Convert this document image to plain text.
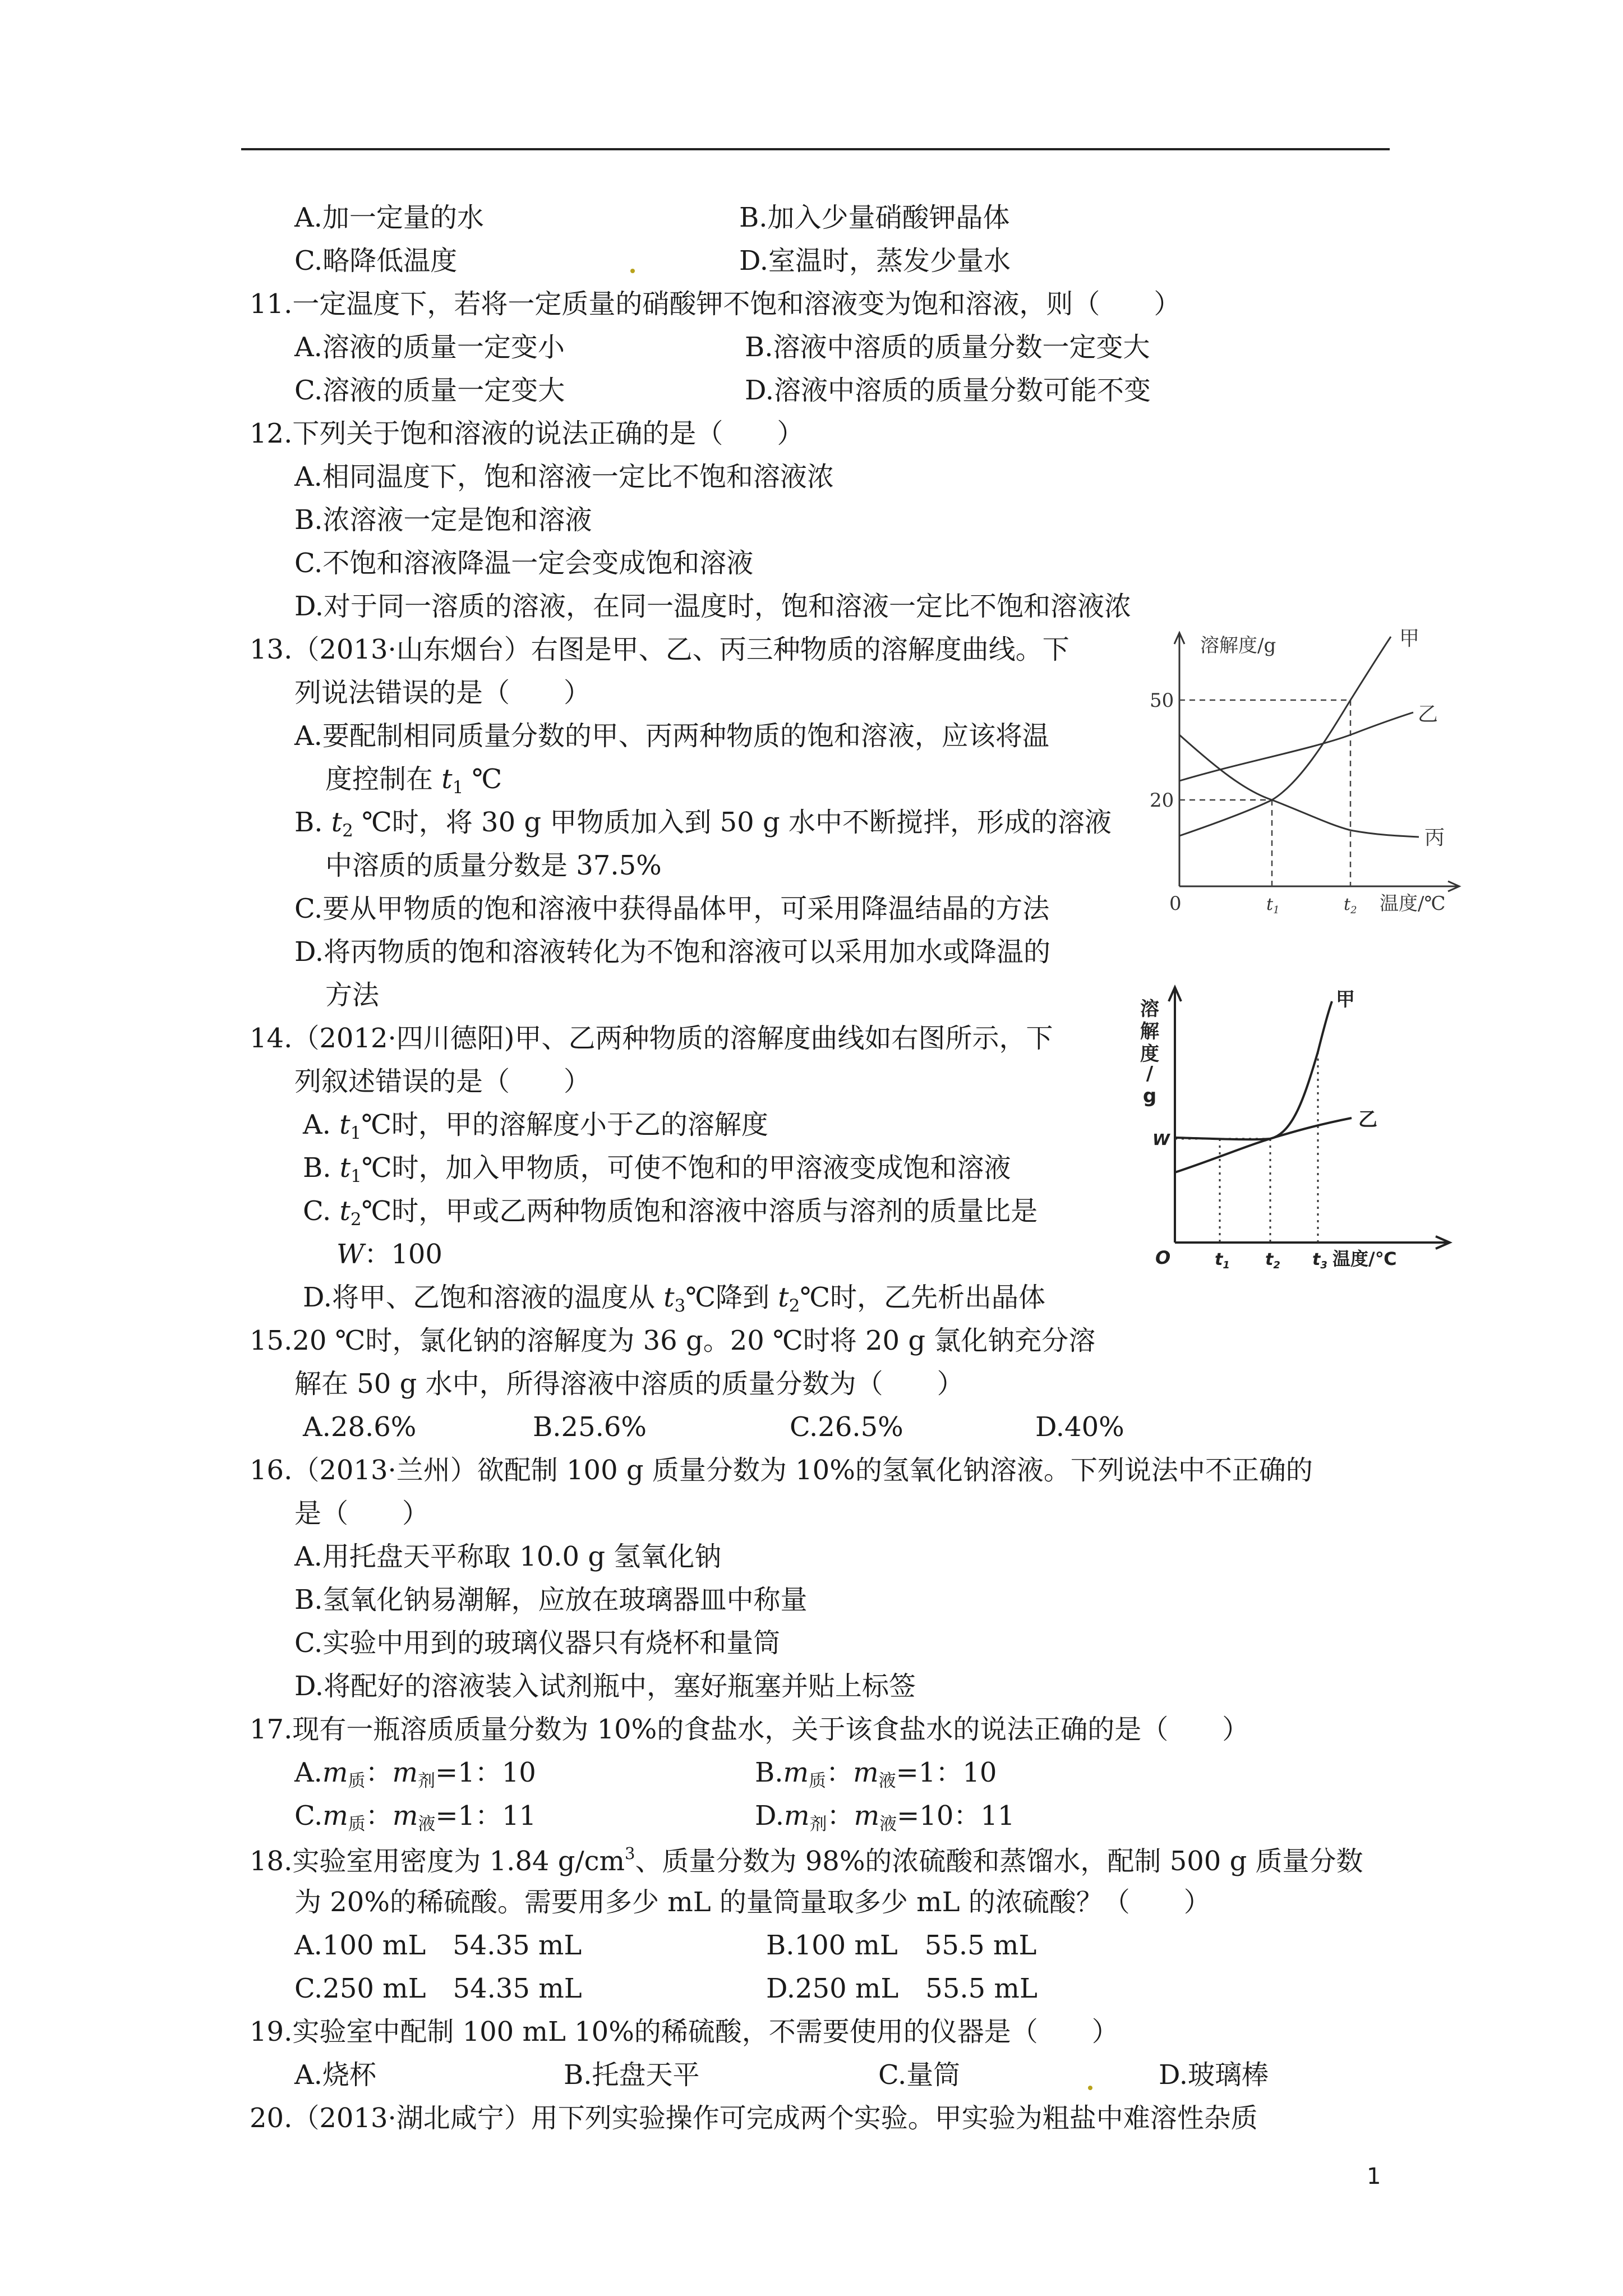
A.加一定量的水	B.加入少量硝酸钾晶体
C.略降低温度	D.室温时，蒸发少量水
11.一定温度下，若将一定质量的硝酸钾不饱和溶液变为饱和溶液，则（　　）
A.溶液的质量一定变小	B.溶液中溶质的质量分数一定变大
C.溶液的质量一定变大	D.溶液中溶质的质量分数可能不变
12.下列关于饱和溶液的说法正确的是（　　）
A.相同温度下，饱和溶液一定比不饱和溶液浓
B.浓溶液一定是饱和溶液
C.不饱和溶液降温一定会变成饱和溶液
D.对于同一溶质的溶液，在同一温度时，饱和溶液一定比不饱和溶液浓
13.（2013·山东烟台）右图是甲、乙、丙三种物质的溶解度曲线。下
列说法错误的是（　　）
A.要配制相同质量分数的甲、丙两种物质的饱和溶液，应该将温
度控制在 $t_1$ ℃
B. $t_2$ ℃时，将 30 g 甲物质加入到 50 g 水中不断搅拌，形成的溶液
中溶质的质量分数是 37.5%
C.要从甲物质的饱和溶液中获得晶体甲，可采用降温结晶的方法
D.将丙物质的饱和溶液转化为不饱和溶液可以采用加水或降温的
方法
14.（2012·四川德阳)甲、乙两种物质的溶解度曲线如右图所示，下
列叙述错误的是（　　）
A. $t_1℃$时，甲的溶解度小于乙的溶解度
B. $t_1℃$时，加入甲物质，可使不饱和的甲溶液变成饱和溶液
C. $t_2℃$时，甲或乙两种物质饱和溶液中溶质与溶剂的质量比是
W：100
D.将甲、乙饱和溶液的温度从 $t_3℃$降到 $t_2℃$时，乙先析出晶体
15.20 ℃时，氯化钠的溶解度为 36 g。20 ℃时将 20 g 氯化钠充分溶
解在 50 g 水中，所得溶液中溶质的质量分数为（　　）
A.28.6%	B.25.6%	C.26.5%	D.40%
16.（2013·兰州）欲配制 100 g 质量分数为 10%的氢氧化钠溶液。下列说法中不正确的
是（　　）
A.用托盘天平称取 10.0 g 氢氧化钠
B.氢氧化钠易潮解，应放在玻璃器皿中称量
C.实验中用到的玻璃仪器只有烧杯和量筒
D.将配好的溶液装入试剂瓶中，塞好瓶塞并贴上标签
17.现有一瓶溶质质量分数为 10%的食盐水，关于该食盐水的说法正确的是（　　）
$A.m_质$：$m_剂=1$：10	$B.m_质$：$m_液=1$：10
$C.m_质$：$m_液=1$：11	$D.m_剂$：$m_液=10$：11
18.实验室用密度为 1.84 $g/cm^3$、质量分数为 98%的浓硫酸和蒸馏水，配制 500 g 质量分数
为 20%的稀硫酸。需要用多少 mL 的量筒量取多少 mL 的浓硫酸？（　　）
A.100 mL　54.35 mL	B.100 mL　55.5 mL
C.250 mL　54.35 mL	D.250 mL　55.5 mL
19.实验室中配制 100 mL 10%的稀硫酸，不需要使用的仪器是（　　）
A.烧杯	B.托盘天平	C.量筒	D.玻璃棒
20.（2013·湖北咸宁）用下列实验操作可完成两个实验。甲实验为粗盐中难溶性杂质
1
溶解度/g
50
20
0	$t_1$	$t_2$ 温度/℃
甲
乙
丙
溶
解
度
/
g
W
O	$t_1$ $t_2$ $t_3$ 温度/℃
甲
乙
